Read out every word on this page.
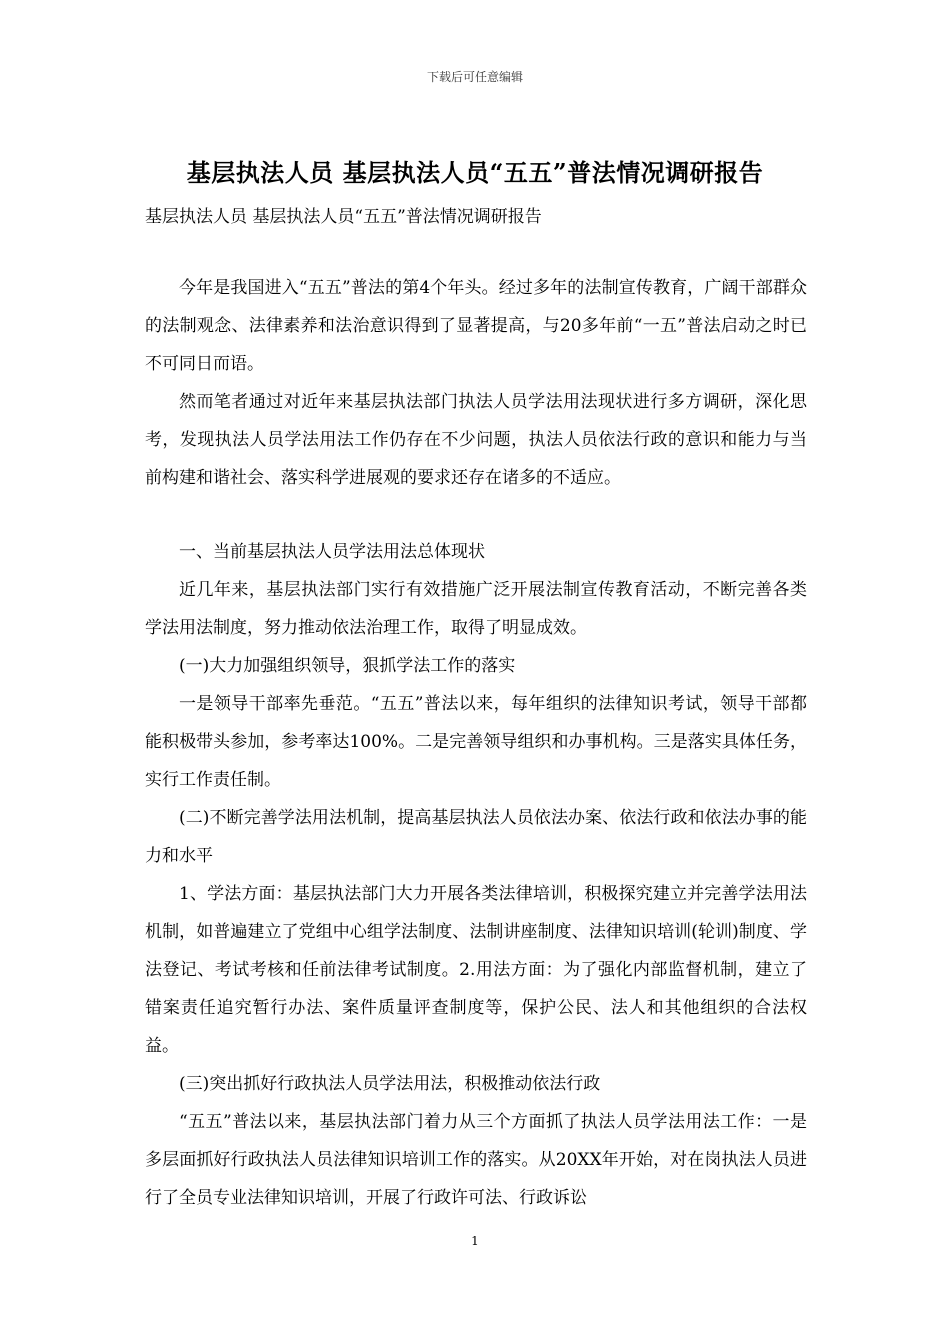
下载后可任意编辑
基层执法人员 基层执法人员“五五”普法情况调研报告
基层执法人员 基层执法人员“五五”普法情况调研报告

今年是我国进入“五五”普法的第4个年头。经过多年的法制宣传教育，广阔干部群众的法制观念、法律素养和法治意识得到了显著提高，与20多年前“一五”普法启动之时已不可同日而语。

然而笔者通过对近年来基层执法部门执法人员学法用法现状进行多方调研，深化思考，发现执法人员学法用法工作仍存在不少问题，执法人员依法行政的意识和能力与当前构建和谐社会、落实科学进展观的要求还存在诸多的不适应。

一、当前基层执法人员学法用法总体现状

近几年来，基层执法部门实行有效措施广泛开展法制宣传教育活动，不断完善各类学法用法制度，努力推动依法治理工作，取得了明显成效。

(一)大力加强组织领导，狠抓学法工作的落实

一是领导干部率先垂范。“五五”普法以来，每年组织的法律知识考试，领导干部都能积极带头参加，参考率达100%。二是完善领导组织和办事机构。三是落实具体任务，实行工作责任制。

(二)不断完善学法用法机制，提高基层执法人员依法办案、依法行政和依法办事的能力和水平

1、学法方面：基层执法部门大力开展各类法律培训，积极探究建立并完善学法用法机制，如普遍建立了党组中心组学法制度、法制讲座制度、法律知识培训(轮训)制度、学法登记、考试考核和任前法律考试制度。2.用法方面：为了强化内部监督机制，建立了错案责任追究暂行办法、案件质量评查制度等，保护公民、法人和其他组织的合法权益。

(三)突出抓好行政执法人员学法用法，积极推动依法行政

“五五”普法以来，基层执法部门着力从三个方面抓了执法人员学法用法工作：一是多层面抓好行政执法人员法律知识培训工作的落实。从20XX年开始，对在岗执法人员进行了全员专业法律知识培训，开展了行政许可法、行政诉讼

1
